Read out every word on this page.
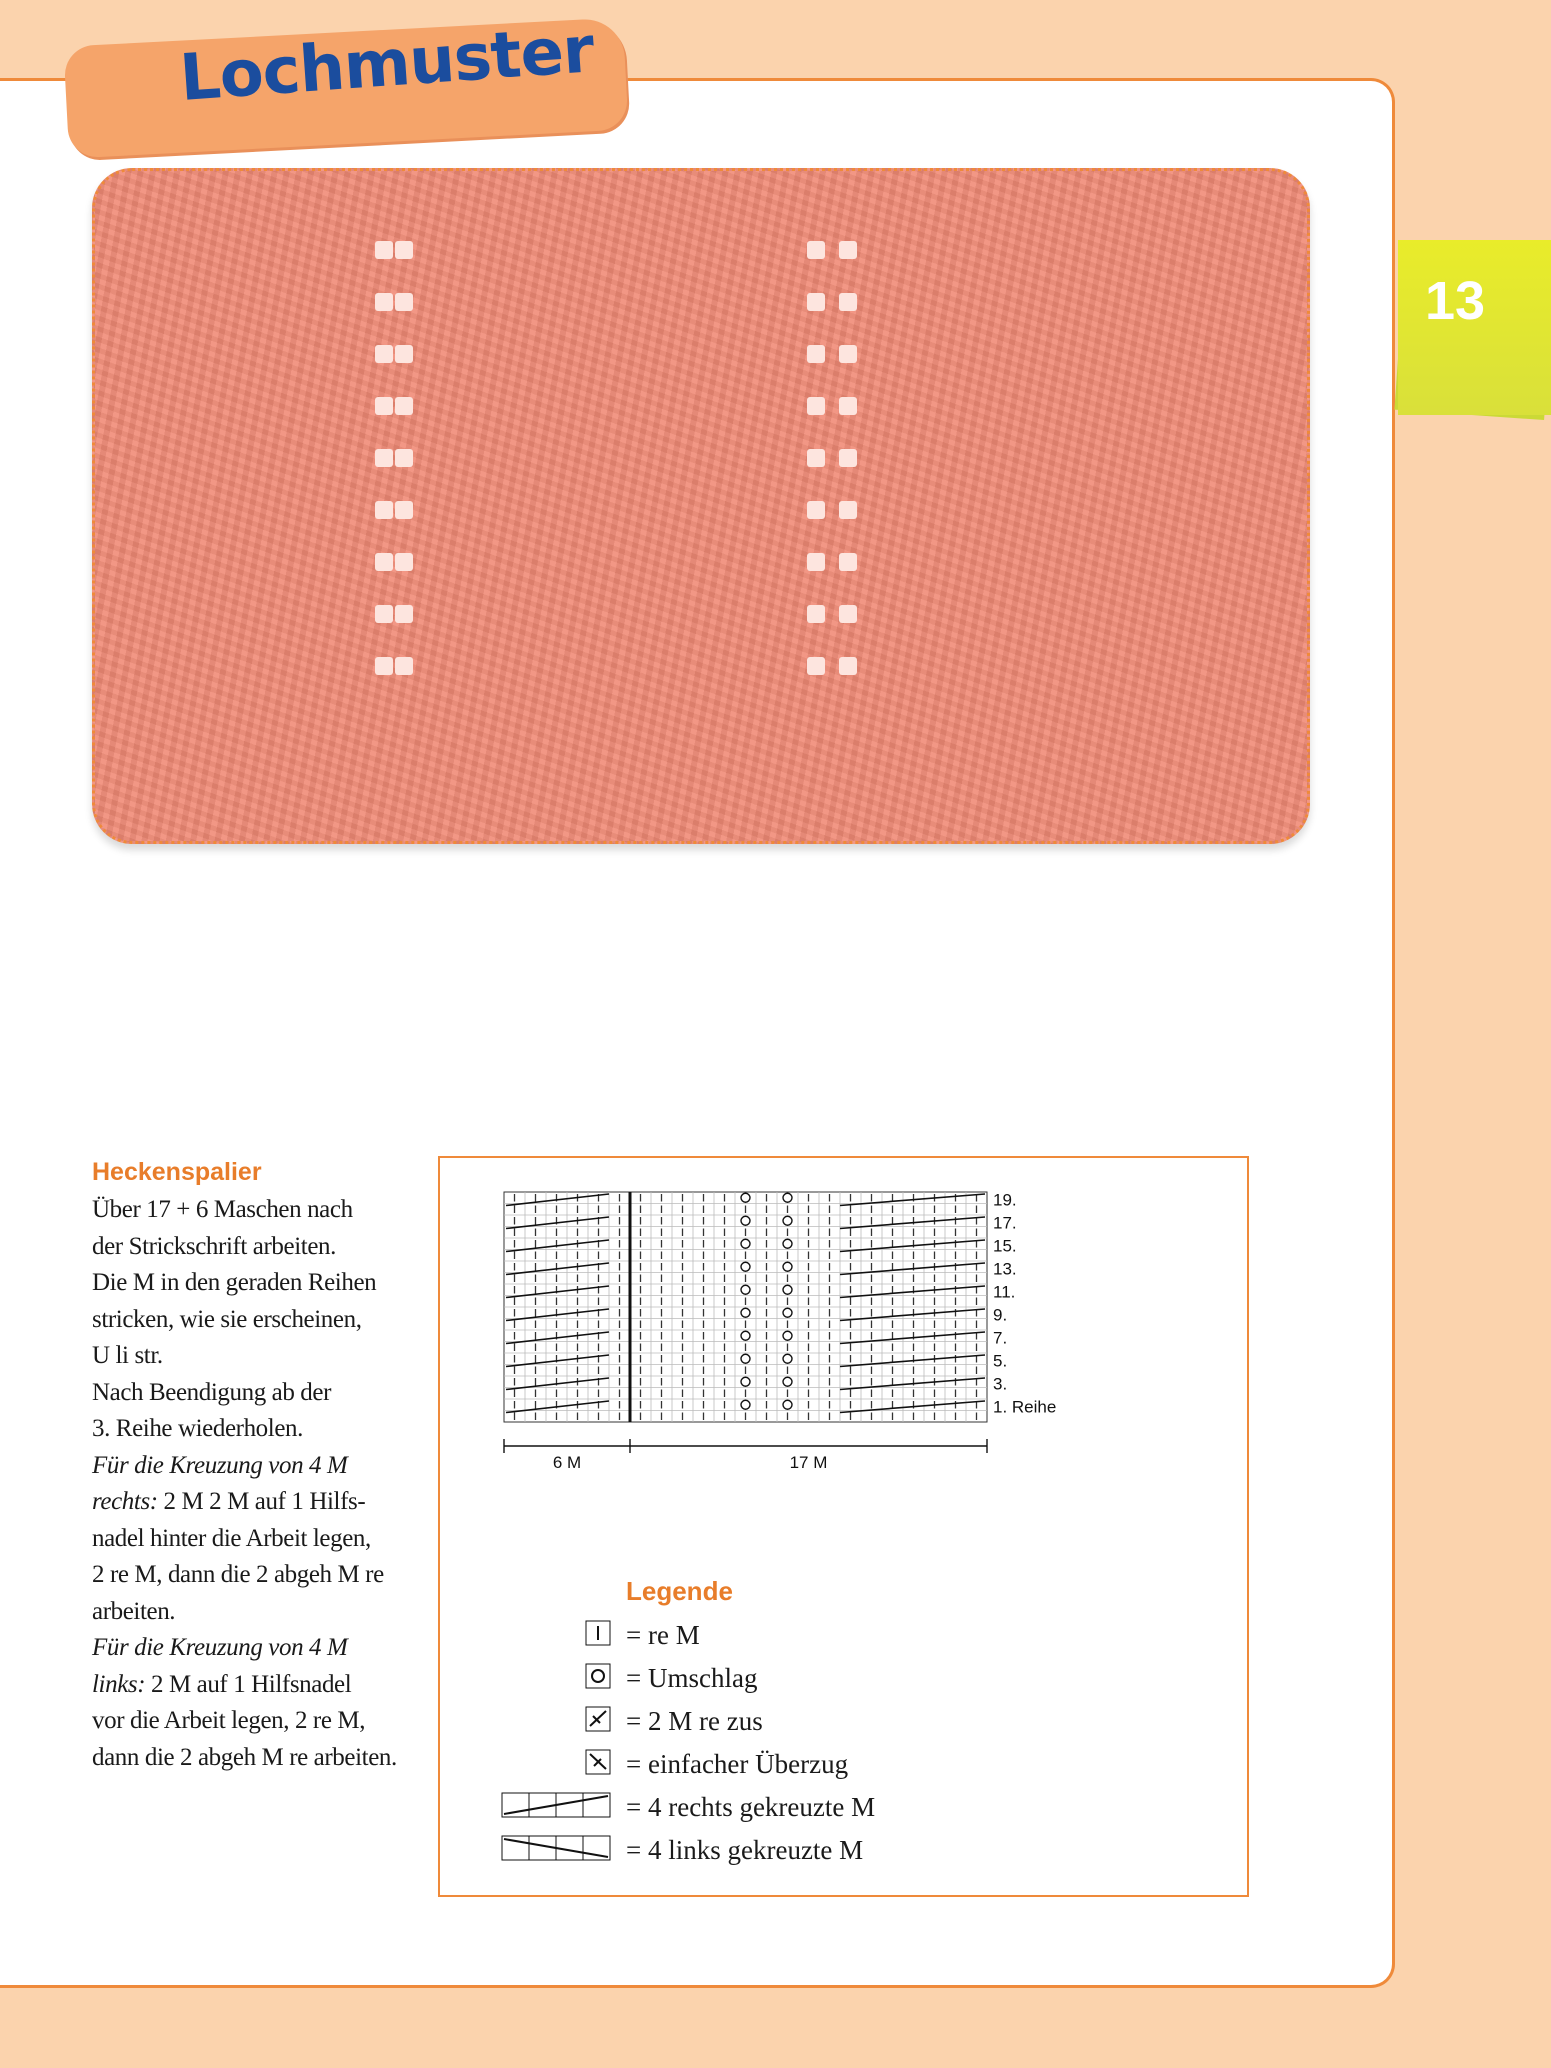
Lochmuster
13
Heckenspalier
Über 17 + 6 Maschen nach
der Strickschrift arbeiten.
Die M in den geraden Reihen
stricken, wie sie erscheinen,
U li str.
Nach Beendigung ab der
3. Reihe wiederholen.
Für die Kreuzung von 4 M
rechts: 2 M 2 M auf 1 Hilfs-
nadel hinter die Arbeit legen,
2 re M, dann die 2 abgeh M re
arbeiten.
Für die Kreuzung von 4 M
links: 2 M auf 1 Hilfsnadel
vor die Arbeit legen, 2 re M,
dann die 2 abgeh M re arbeiten.
19.
17.
15.
13.
11.
9.
7.
5.
3.
1. Reihe
6 M	17 M
Legende
= re M
= Umschlag
= 2 M re zus
= einfacher Überzug
= 4 rechts gekreuzte M
= 4 links gekreuzte M
